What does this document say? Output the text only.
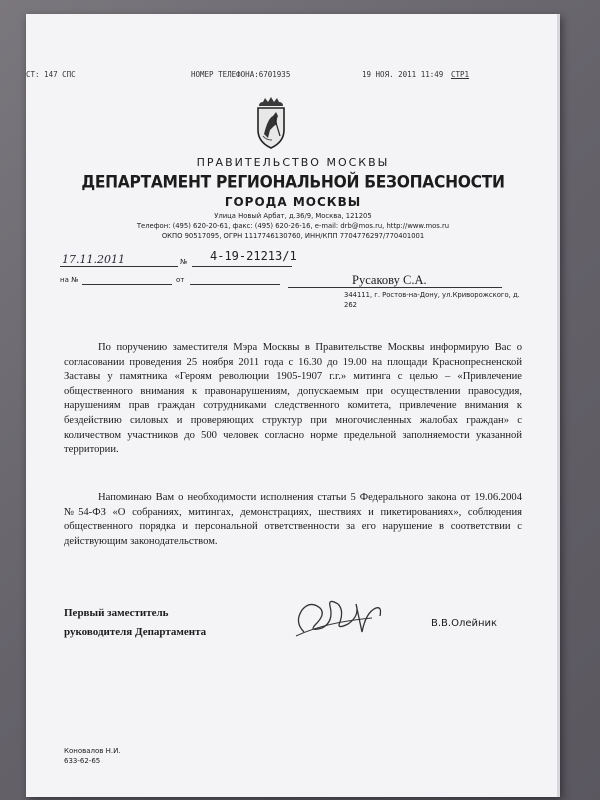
СТ: 147 СПС	НОМЕР ТЕЛЕФОНА:6701935	19 НОЯ. 2011 11:49 СТР1
ПРАВИТЕЛЬСТВО МОСКВЫ
ДЕПАРТАМЕНТ РЕГИОНАЛЬНОЙ БЕЗОПАСНОСТИ
ГОРОДА МОСКВЫ
Улица Новый Арбат, д.36/9, Москва, 121205
Телефон: (495) 620-20-61, факс: (495) 620-26-16, e-mail: drb@mos.ru, http://www.mos.ru
ОКПО 90517095, ОГРН 1117746130760, ИНН/КПП 7704776297/770401001
17.11.2011	№ 4-19-21213/1
на №	от	Русакову С.А.
344111, г. Ростов-на-Дону, ул.Криворожского, д. 262
По поручению заместителя Мэра Москвы в Правительстве Москвы информирую Вас о согласовании проведения 25 ноября 2011 года с 16.30 до 19.00 на площади Краснопресненской Заставы у памятника «Героям революции 1905-1907 г.г.» митинга с целью – «Привлечение общественного внимания к правонарушениям, допускаемым при осуществлении правосудия, нарушениям прав граждан сотрудниками следственного комитета, привлечение внимания к бездействию силовых и проверяющих структур при многочисленных жалобах граждан» с количеством участников до 500 человек согласно норме предельной заполняемости указанной территории.
Напоминаю Вам о необходимости исполнения статьи 5 Федерального закона от 19.06.2004 №54-ФЗ «О собраниях, митингах, демонстрациях, шествиях и пикетированиях», соблюдения общественного порядка и персональной ответственности за его нарушение в соответствии с действующим законодательством.
Первый заместитель
руководителя Департамента
В.В.Олейник
Коновалов Н.И.
633-62-65
